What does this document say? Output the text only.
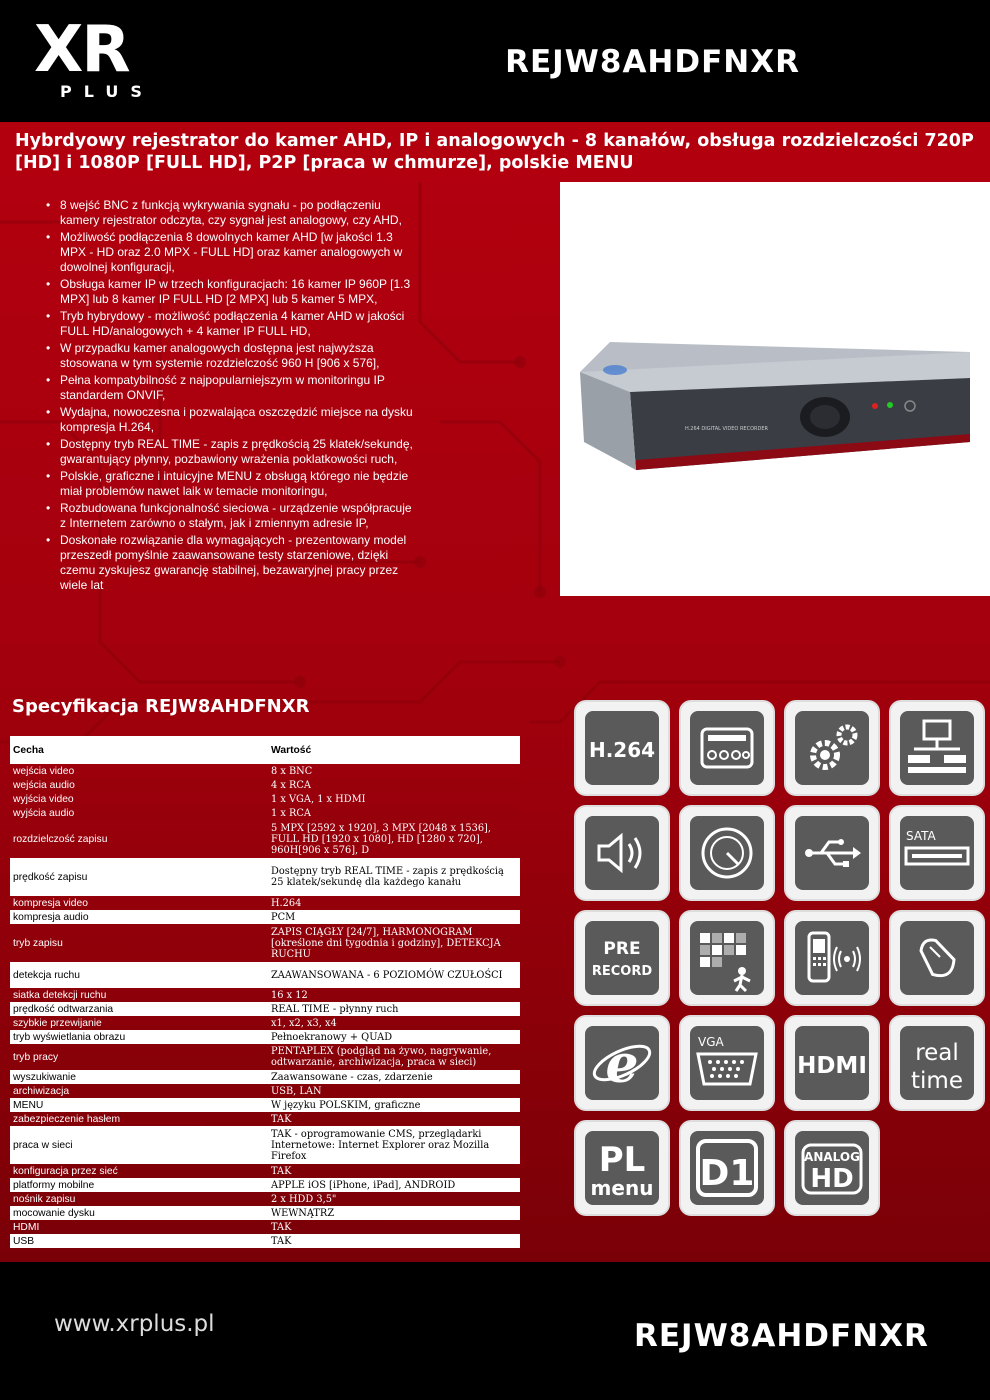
XR
PLUS
REJW8AHDFNXR
Hybrdyowy rejestrator do kamer AHD, IP i analogowych - 8 kanałów, obsługa rozdzielczości 720P [HD] i 1080P [FULL HD], P2P [praca w chmurze], polskie MENU
• 8 wejść BNC z funkcją wykrywania sygnału - po podłączeniu kamery rejestrator odczyta, czy sygnał jest analogowy, czy AHD,
• Możliwość podłączenia 8 dowolnych kamer AHD [w jakości 1.3 MPX - HD oraz 2.0 MPX - FULL HD] oraz kamer analogowych w dowolnej konfiguracji,
• Obsługa kamer IP w trzech konfiguracjach: 16 kamer IP 960P [1.3 MPX] lub 8 kamer IP FULL HD [2 MPX] lub 5 kamer 5 MPX,
• Tryb hybrydowy - możliwość podłączenia 4 kamer AHD w jakości FULL HD/analogowych + 4 kamer IP FULL HD,
• W przypadku kamer analogowych dostępna jest najwyższa stosowana w tym systemie rozdzielczość 960 H [906 x 576],
• Pełna kompatybilność z najpopularniejszym w monitoringu IP standardem ONVIF,
• Wydajna, nowoczesna i pozwalająca oszczędzić miejsce na dysku kompresja H.264,
• Dostępny tryb REAL TIME - zapis z prędkością 25 klatek/sekundę, gwarantujący płynny, pozbawiony wrażenia poklatkowości ruch,
• Polskie, graficzne i intuicyjne MENU z obsługą którego nie będzie miał problemów nawet laik w temacie monitoringu,
• Rozbudowana funkcjonalność sieciowa - urządzenie współpracuje z Internetem zarówno o stałym, jak i zmiennym adresie IP,
• Doskonałe rozwiązanie dla wymagających - prezentowany model przeszedł pomyślnie zaawansowane testy starzeniowe, dzięki czemu zyskujesz gwarancję stabilnej, bezawaryjnej pracy przez wiele lat
H.264 DIGITAL VIDEO RECORDER
Specyfikacja REJW8AHDFNXR
Cecha	Wartość
wejścia video	8 x BNC
wejścia audio	4 x RCA
wyjścia video	1 x VGA, 1 x HDMI
wyjścia audio	1 x RCA
rozdzielczość zapisu	5 MPX [2592 x 1920], 3 MPX [2048 x 1536], FULL HD [1920 x 1080], HD [1280 x 720], 960H[906 x 576], D
prędkość zapisu	Dostępny tryb REAL TIME - zapis z prędkością 25 klatek/sekundę dla każdego kanału
kompresja video	H.264
kompresja audio	PCM
tryb zapisu	ZAPIS CIĄGŁY [24/7], HARMONOGRAM [określone dni tygodnia i godziny], DETEKCJA RUCHU
detekcja ruchu	ZAAWANSOWANA - 6 POZIOMÓW CZUŁOŚCI
siatka detekcji ruchu	16 x 12
prędkość odtwarzania	REAL TIME - płynny ruch
szybkie przewijanie	x1, x2, x3, x4
tryb wyświetlania obrazu	Pełnoekranowy + QUAD
tryb pracy	PENTAPLEX (podgląd na żywo, nagrywanie, odtwarzanie, archiwizacja, praca w sieci)
wyszukiwanie	Zaawansowane - czas, zdarzenie
archiwizacja	USB, LAN
MENU	W języku POLSKIM, graficzne
zabezpieczenie hasłem	TAK
praca w sieci	TAK - oprogramowanie CMS, przeglądarki Internetowe: Internet Explorer oraz Mozilla Firefox
konfiguracja przez sieć	TAK
platformy mobilne	APPLE iOS [iPhone, iPad], ANDROID
nośnik zapisu	2 x HDD 3,5"
mocowanie dysku	WEWNĄTRZ
HDMI	TAK
USB	TAK
H.264
SATA
PRE
RECORD
e	VGA
HDMI real
time
PL
menu D1	ANALOG
HD
www.xrplus.pl	REJW8AHDFNXR
